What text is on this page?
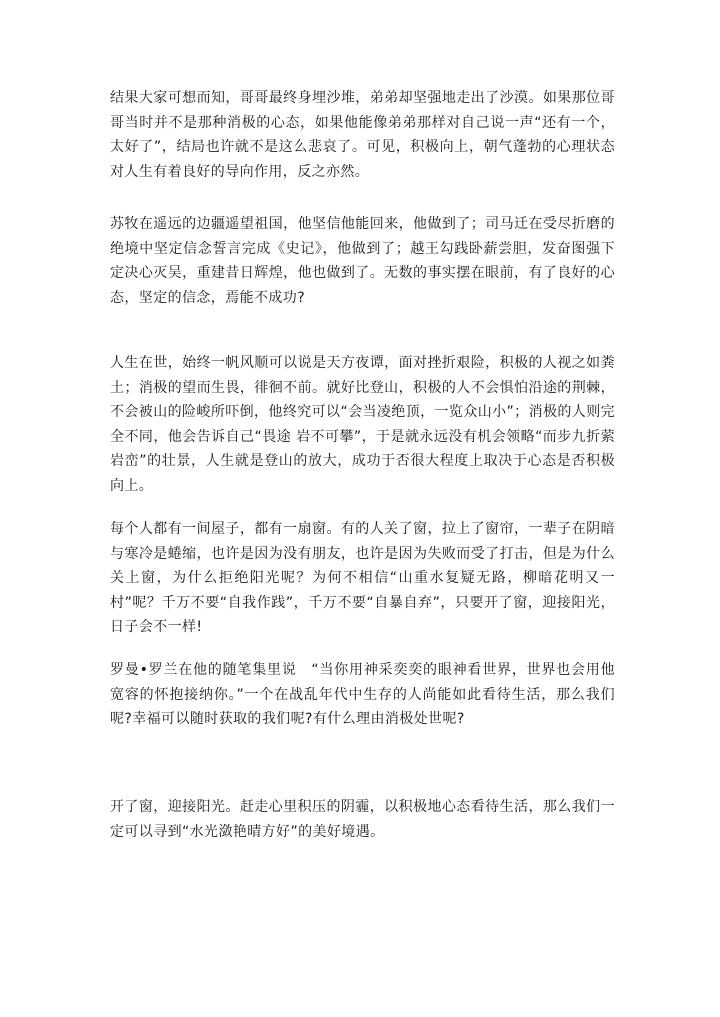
结果大家可想而知，哥哥最终身埋沙堆，弟弟却坚强地走出了沙漠。如果那位哥哥当时并不是那种消极的心态，如果他能像弟弟那样对自己说一声“还有一个，太好了”，结局也许就不是这么悲哀了。可见，积极向上，朝气蓬勃的心理状态对人生有着良好的导向作用，反之亦然。

苏牧在遥远的边疆遥望祖国，他坚信他能回来，他做到了；司马迁在受尽折磨的绝境中坚定信念誓言完成《史记》，他做到了；越王勾践卧薪尝胆，发奋图强下定决心灭吴，重建昔日辉煌，他也做到了。无数的事实摆在眼前，有了良好的心态，坚定的信念，焉能不成功?

人生在世，始终一帆风顺可以说是天方夜谭，面对挫折艰险，积极的人视之如粪土；消极的望而生畏，徘徊不前。就好比登山，积极的人不会惧怕沿途的荆棘，不会被山的险峻所吓倒，他终究可以“会当凌绝顶，一览众山小”；消极的人则完全不同，他会告诉自己“畏途 岩不可攀”，于是就永远没有机会领略“而步九折萦岩峦”的壮景，人生就是登山的放大，成功于否很大程度上取决于心态是否积极向上。

每个人都有一间屋子，都有一扇窗。有的人关了窗，拉上了窗帘，一辈子在阴暗与寒冷是蜷缩，也许是因为没有朋友，也许是因为失败而受了打击，但是为什么关上窗，为什么拒绝阳光呢？为何不相信“山重水复疑无路，柳暗花明又一村”呢？千万不要“自我作践”，千万不要“自暴自弃”，只要开了窗，迎接阳光，日子会不一样!

罗曼•罗兰在他的随笔集里说　“当你用神采奕奕的眼神看世界，世界也会用他宽容的怀抱接纳你。”一个在战乱年代中生存的人尚能如此看待生活，那么我们呢?幸福可以随时获取的我们呢?有什么理由消极处世呢?

开了窗，迎接阳光。赶走心里积压的阴霾，以积极地心态看待生活，那么我们一定可以寻到“水光潋艳晴方好”的美好境遇。
